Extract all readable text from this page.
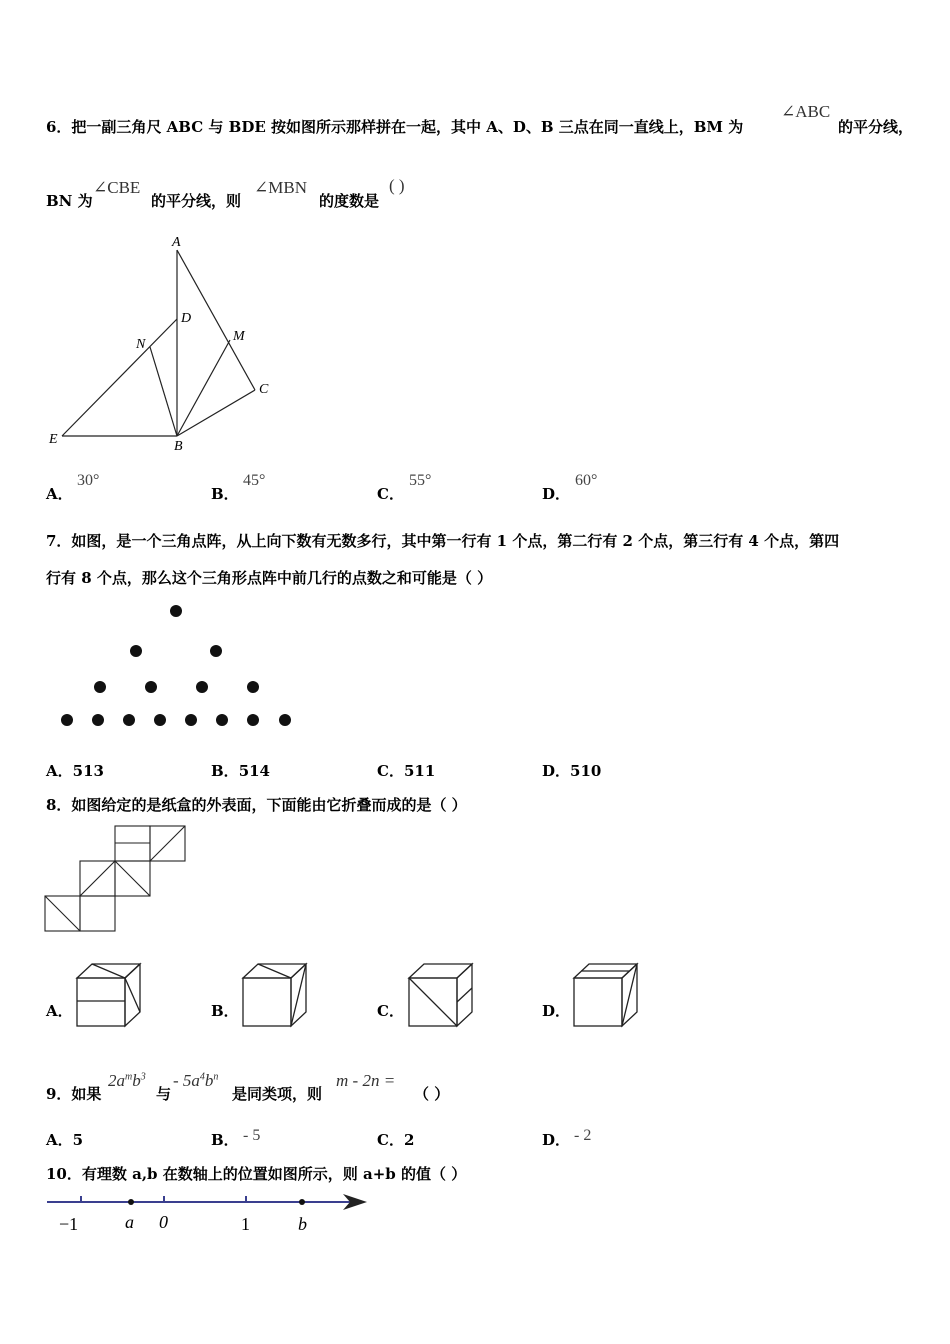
6．把一副三角尺 ABC 与 BDE 按如图所示那样拼在一起，其中 A、D、B 三点在同一直线上，BM 为
∠ABC
的平分线，
BN 为
∠CBE
的平分线，则
∠MBN
的度数是
( )
A
D
N
M
C
E	B
A．
30°
B．
45°
C．
55°
D．
60°
7．如图，是一个三角点阵，从上向下数有无数多行，其中第一行有 1 个点，第二行有 2 个点，第三行有 4 个点，第四
行有 8 个点，那么这个三角形点阵中前几行的点数之和可能是（ ）
A．513	B．514	C．511	D．510
8．如图给定的是纸盒的外表面，下面能由它折叠而成的是（ ）
A．	B．	C．	D．
9．如果
$2a^mb^3$
与
- $5a^4b^n$
是同类项，则
m - 2n =
（ ）
A．5	B． - 5	C．2	D． - 2
10．有理数 a,b 在数轴上的位置如图所示，则 a+b 的值（ ）
−1	a 0	1	b
